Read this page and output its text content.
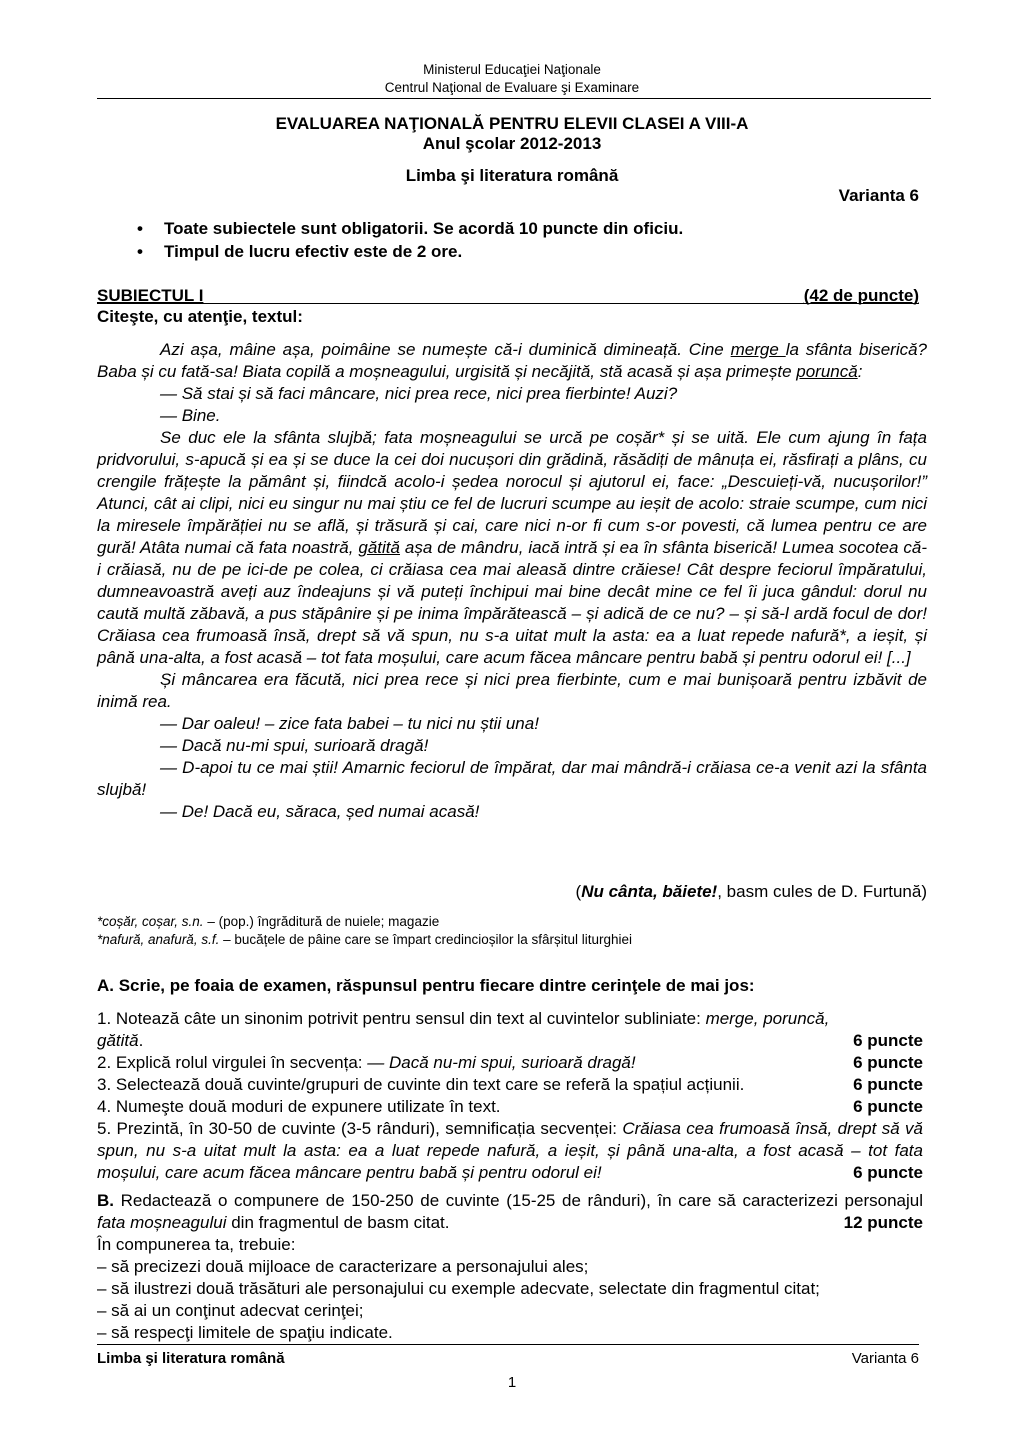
Ministerul Educaţiei Naţionale
Centrul Naţional de Evaluare şi Examinare
EVALUAREA NAŢIONALĂ PENTRU ELEVII CLASEI A VIII-A
Anul şcolar 2012-2013
Limba şi literatura română
Varianta 6
• Toate subiectele sunt obligatorii. Se acordă 10 puncte din oficiu.
• Timpul de lucru efectiv este de 2 ore.
SUBIECTUL I	(42 de puncte)
Citeşte, cu atenţie, textul:

Azi așa, mâine așa, poimâine se numește că-i duminică dimineață. Cine merge la sfânta biserică? Baba și cu fată-sa! Biata copilă a moșneagului, urgisită și necăjită, stă acasă și așa primește poruncă:

— Să stai și să faci mâncare, nici prea rece, nici prea fierbinte! Auzi?

— Bine.

Se duc ele la sfânta slujbă; fata moșneagului se urcă pe coșăr* și se uită. Ele cum ajung în fața pridvorului, s-apucă și ea și se duce la cei doi nucușori din grădină, răsădiți de mânuța ei, răsfirați a plâns, cu crengile frățește la pământ și, fiindcă acolo-i ședea norocul și ajutorul ei, face: „Descuieți-vă, nucușorilor!” Atunci, cât ai clipi, nici eu singur nu mai știu ce fel de lucruri scumpe au ieșit de acolo: straie scumpe, cum nici la miresele împărăției nu se află, și trăsură și cai, care nici n-or fi cum s-or povesti, că lumea pentru ce are gură! Atâta numai că fata noastră, gătită așa de mândru, iacă intră și ea în sfânta biserică! Lumea socotea că-i crăiasă, nu de pe ici-de pe colea, ci crăiasa cea mai aleasă dintre crăiese! Cât despre feciorul împăratului, dumneavoastră aveți auz îndeajuns și vă puteți închipui mai bine decât mine ce fel îi juca gândul: dorul nu caută multă zăbavă, a pus stăpânire și pe inima împărătească – și adică de ce nu? – și să-l ardă focul de dor! Crăiasa cea frumoasă însă, drept să vă spun, nu s-a uitat mult la asta: ea a luat repede nafură*, a ieșit, și până una-alta, a fost acasă – tot fata moșului, care acum făcea mâncare pentru babă și pentru odorul ei! [...]

Și mâncarea era făcută, nici prea rece și nici prea fierbinte, cum e mai bunișoară pentru izbăvit de inimă rea.

— Dar oaleu! – zice fata babei – tu nici nu știi una!

— Dacă nu-mi spui, surioară dragă!

— D-apoi tu ce mai știi! Amarnic feciorul de împărat, dar mai mândră-i crăiasa ce-a venit azi la sfânta slujbă!

— De! Dacă eu, săraca, șed numai acasă!

(Nu cânta, băiete!, basm cules de D. Furtună)

*coșăr, coșar, s.n. – (pop.) îngrăditură de nuiele; magazie

*nafură, anafură, s.f. – bucățele de pâine care se împart credincioșilor la sfârșitul liturghiei

A. Scrie, pe foaia de examen, răspunsul pentru fiecare dintre cerinţele de mai jos:

1. Notează câte un sinonim potrivit pentru sensul din text al cuvintelor subliniate: merge, poruncă,

gătită.	6 puncte
2. Explică rolul virgulei în secvența: — Dacă nu-mi spui, surioară dragă!	6 puncte
3. Selectează două cuvinte/grupuri de cuvinte din text care se referă la spațiul acțiunii.	6 puncte
4. Numeşte două moduri de expunere utilizate în text.	6 puncte

5. Prezintă, în 30-50 de cuvinte (3-5 rânduri), semnificația secvenței: Crăiasa cea frumoasă însă, drept să vă spun, nu s-a uitat mult la asta: ea a luat repede nafură, a ieșit, și până una-alta, a fost acasă – tot fata moșului, care acum făcea mâncare pentru babă și pentru odorul ei!	6 puncte

B. Redactează o compunere de 150-250 de cuvinte (15-25 de rânduri), în care să caracterizezi personajul fata moșneagului din fragmentul de basm citat.	12 puncte

În compunerea ta, trebuie:

– să precizezi două mijloace de caracterizare a personajului ales;

– să ilustrezi două trăsături ale personajului cu exemple adecvate, selectate din fragmentul citat;

– să ai un conţinut adecvat cerinţei;

– să respecţi limitele de spaţiu indicate.

Limba şi literatura română	Varianta 6
1
